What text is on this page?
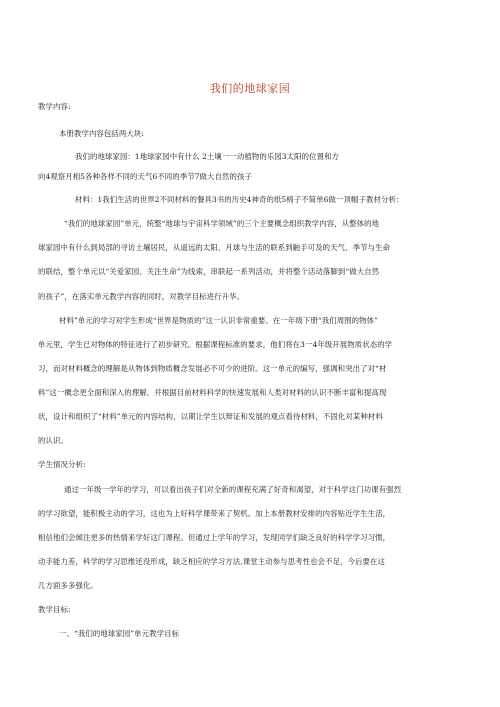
我们的地球家园
教学内容:
本册教学内容包括两大块:
我们的地球家园：1地球家园中有什么 2土壤一一动植物的乐园3太阳的位置和方
向4观察月相5各种各样不同的天气6不同的季节7做大自然的孩子
材料：1我们生活的世界2不同材料的餐具3书的历史4神奇的纸5椅子不简单6做一顶帽子教材分析：
“我们的地球家园”单元，统整“地球与宇宙科学领域”的三个主要概念组织教学内容，从整体的地
球家园中有什么到局部的寻访土壤居民，从遥远的太阳、月球与生活的联系到触手可及的天气、季节与生命
的联结，整个单元以“关爱家园、关注生命”为线索，串联起一系列活动，并将整个活动落脚到“做大自然
的孩子”，在落实单元教学内容的同时，对教学目标进行升华。
材料”单元的学习对学生形成“世界是物质的”这一认识非常重要。在一年级下册“我们周围的物体”
单元里，学生已对物体的特征进行了初步研究。根据课程标准的要求，他们将在3一4年级开展物质状态的学
习，而对材料概念的理解是从物体到物质概念发展必不可少的进阶。这一单元的编写，强调和突出了对“材
料”这一概念更全面和深入的理解，并根据目前材料科学的快速发展和人类对材料的认识不断丰富和提高现
状，设计和组织了“材料”单元的内容结构，以期让学生以辩证和发展的观点看待材料，不固化对某种材料
的认识。
学生情况分析:
通过一年级一学年的学习，可以看出孩子们对全新的课程充满了好奇和渴望，对于科学这门功课有强烈
的学习欲望，能积极主动的学习，这也为上好科学课带来了契机。加上本册教材安排的内容贴近学生生活，
相信他们会倾注更多的热情来学好这门课程。但通过上学年的学习，发现同学们缺乏良好的科学学习习惯，
动手能力差，科学的学习思维还没形成，缺乏相应的学习方法,课堂主动参与思考性也会不足，今后要在这
几方面多多强化。
教学目标:
一、“我们的地球家园”单元教学目标
